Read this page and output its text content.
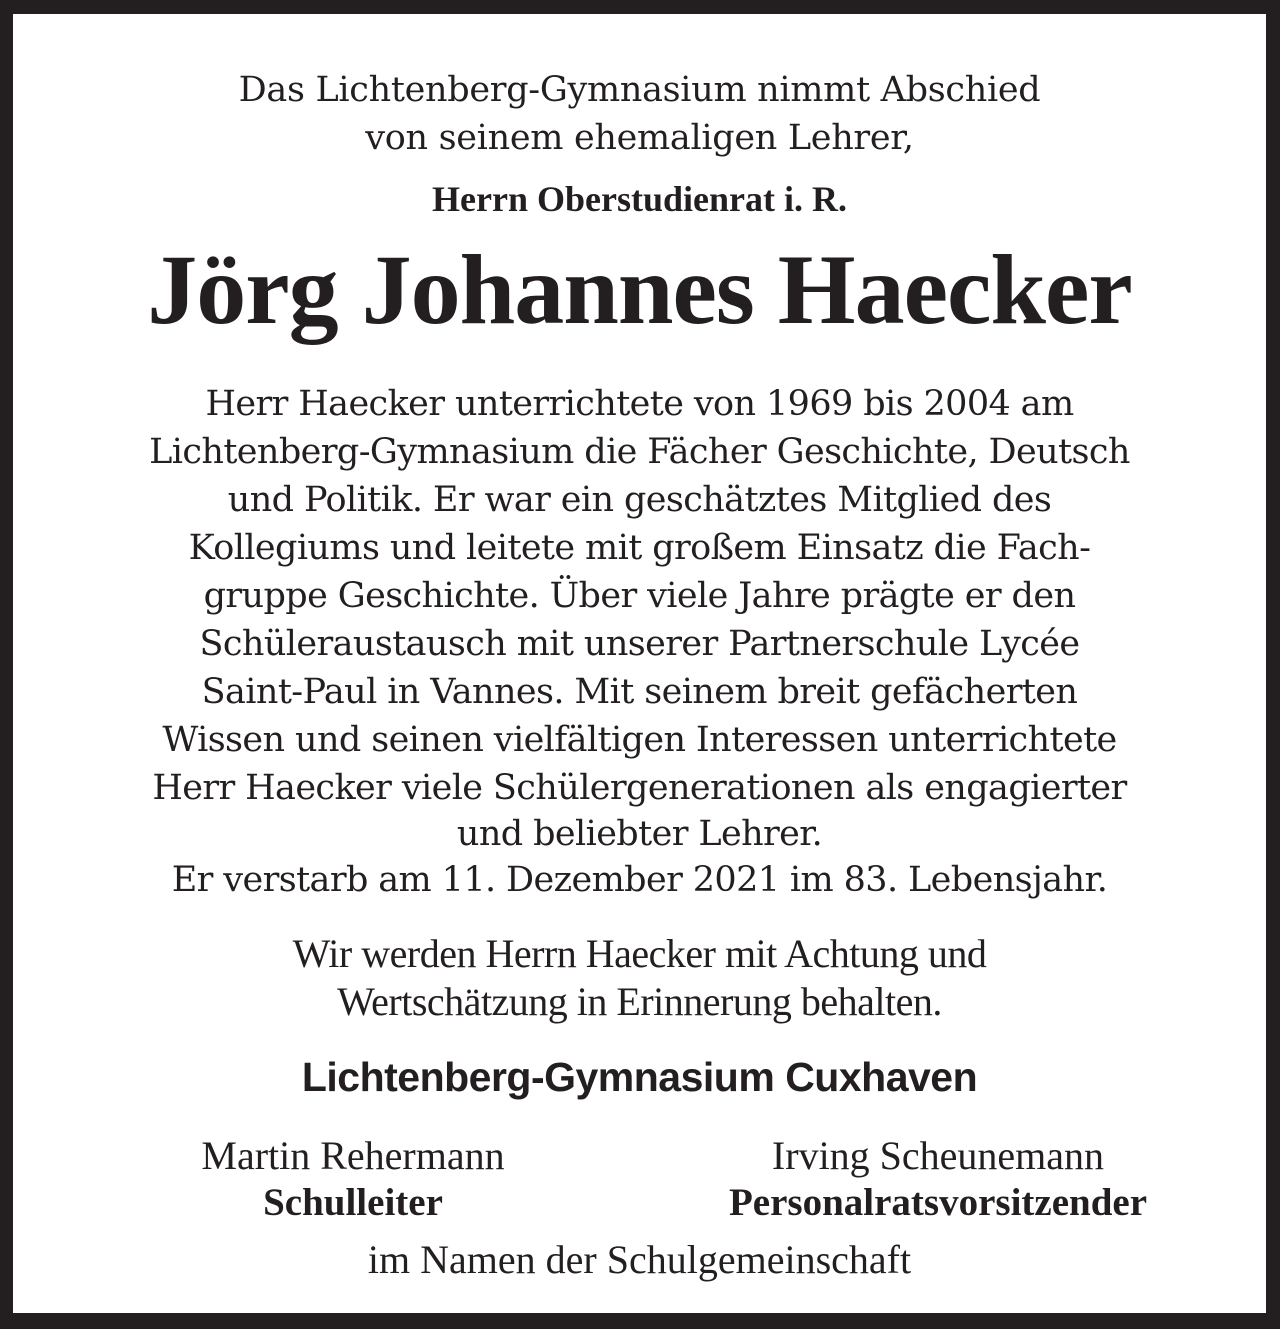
Das Lichtenberg-Gymnasium nimmt Abschied
von seinem ehemaligen Lehrer,
Herrn Oberstudienrat i. R.
Jörg Johannes Haecker
Herr Haecker unterrichtete von 1969 bis 2004 am
Lichtenberg-Gymnasium die Fächer Geschichte, Deutsch
und Politik. Er war ein geschätztes Mitglied des
Kollegiums und leitete mit großem Einsatz die Fach-
gruppe Geschichte. Über viele Jahre prägte er den
Schüleraustausch mit unserer Partnerschule Lycée
Saint-Paul in Vannes. Mit seinem breit gefächerten
Wissen und seinen vielfältigen Interessen unterrichtete
Herr Haecker viele Schülergenerationen als engagierter
und beliebter Lehrer.
Er verstarb am 11. Dezember 2021 im 83. Lebensjahr.
Wir werden Herrn Haecker mit Achtung und
Wertschätzung in Erinnerung behalten.
Lichtenberg-Gymnasium Cuxhaven
Martin Rehermann
Schulleiter
Irving Scheunemann
Personalratsvorsitzender
im Namen der Schulgemeinschaft
